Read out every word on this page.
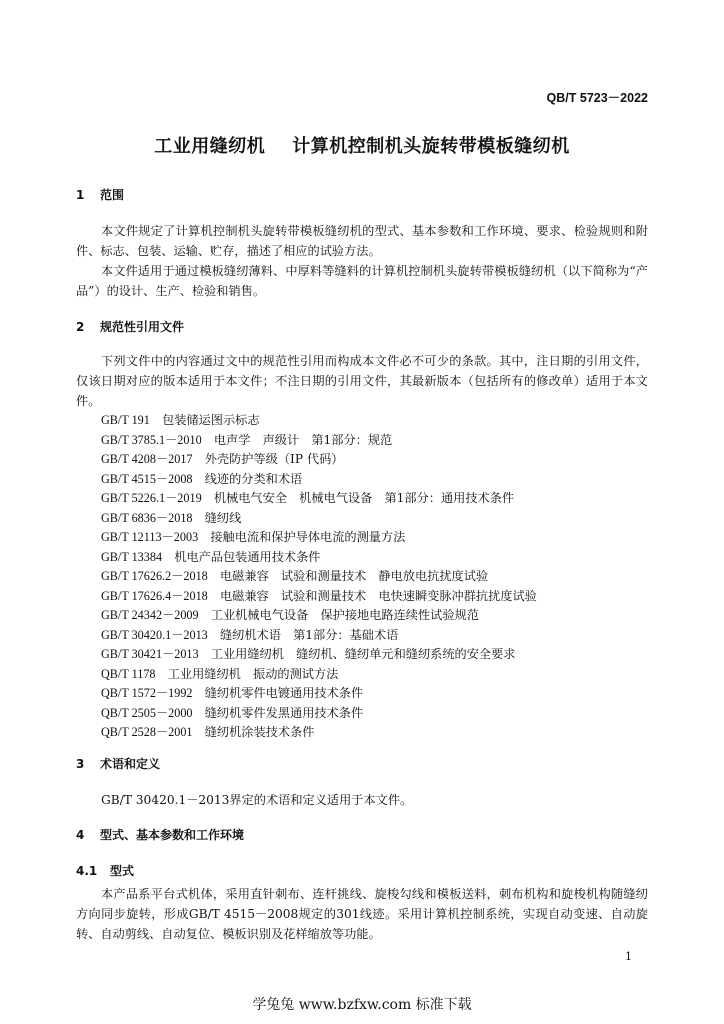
QB/T 5723－2022
工业用缝纫机    计算机控制机头旋转带模板缝纫机
1 范围
本文件规定了计算机控制机头旋转带模板缝纫机的型式、基本参数和工作环境、要求、检验规则和附件、标志、包装、运输、贮存，描述了相应的试验方法。
本文件适用于通过模板缝纫薄料、中厚料等缝料的计算机控制机头旋转带模板缝纫机（以下简称为“产品”）的设计、生产、检验和销售。
2 规范性引用文件
下列文件中的内容通过文中的规范性引用而构成本文件必不可少的条款。其中，注日期的引用文件，仅该日期对应的版本适用于本文件；不注日期的引用文件，其最新版本（包括所有的修改单）适用于本文件。
GB/T 191　 包装储运图示标志
GB/T 3785.1－2010　 电声学　声级计　第1部分：规范
GB/T 4208－2017　 外壳防护等级（IP 代码）
GB/T 4515－2008　 线迹的分类和术语
GB/T 5226.1－2019　 机械电气安全　机械电气设备　第1部分：通用技术条件
GB/T 6836－2018　 缝纫线
GB/T 12113－2003　 接触电流和保护导体电流的测量方法
GB/T 13384　 机电产品包装通用技术条件
GB/T 17626.2－2018　 电磁兼容　试验和测量技术　静电放电抗扰度试验
GB/T 17626.4－2018　 电磁兼容　试验和测量技术　电快速瞬变脉冲群抗扰度试验
GB/T 24342－2009　 工业机械电气设备　保护接地电路连续性试验规范
GB/T 30420.1－2013　 缝纫机术语　第1部分：基础术语
GB/T 30421－2013　 工业用缝纫机　缝纫机、缝纫单元和缝纫系统的安全要求
QB/T 1178　 工业用缝纫机　振动的测试方法
QB/T 1572－1992　 缝纫机零件电镀通用技术条件
QB/T 2505－2000　 缝纫机零件发黑通用技术条件
QB/T 2528－2001　 缝纫机涂装技术条件
3 术语和定义
GB/T 30420.1－2013界定的术语和定义适用于本文件。
4 型式、基本参数和工作环境
4.1 型式
本产品系平台式机体，采用直针刺布、连杆挑线、旋梭勾线和模板送料，刺布机构和旋梭机构随缝纫方向同步旋转，形成GB/T 4515－2008规定的301线迹。采用计算机控制系统，实现自动变速、自动旋转、自动剪线、自动复位、模板识别及花样缩放等功能。
1
学兔兔 www.bzfxw.com 标准下载
